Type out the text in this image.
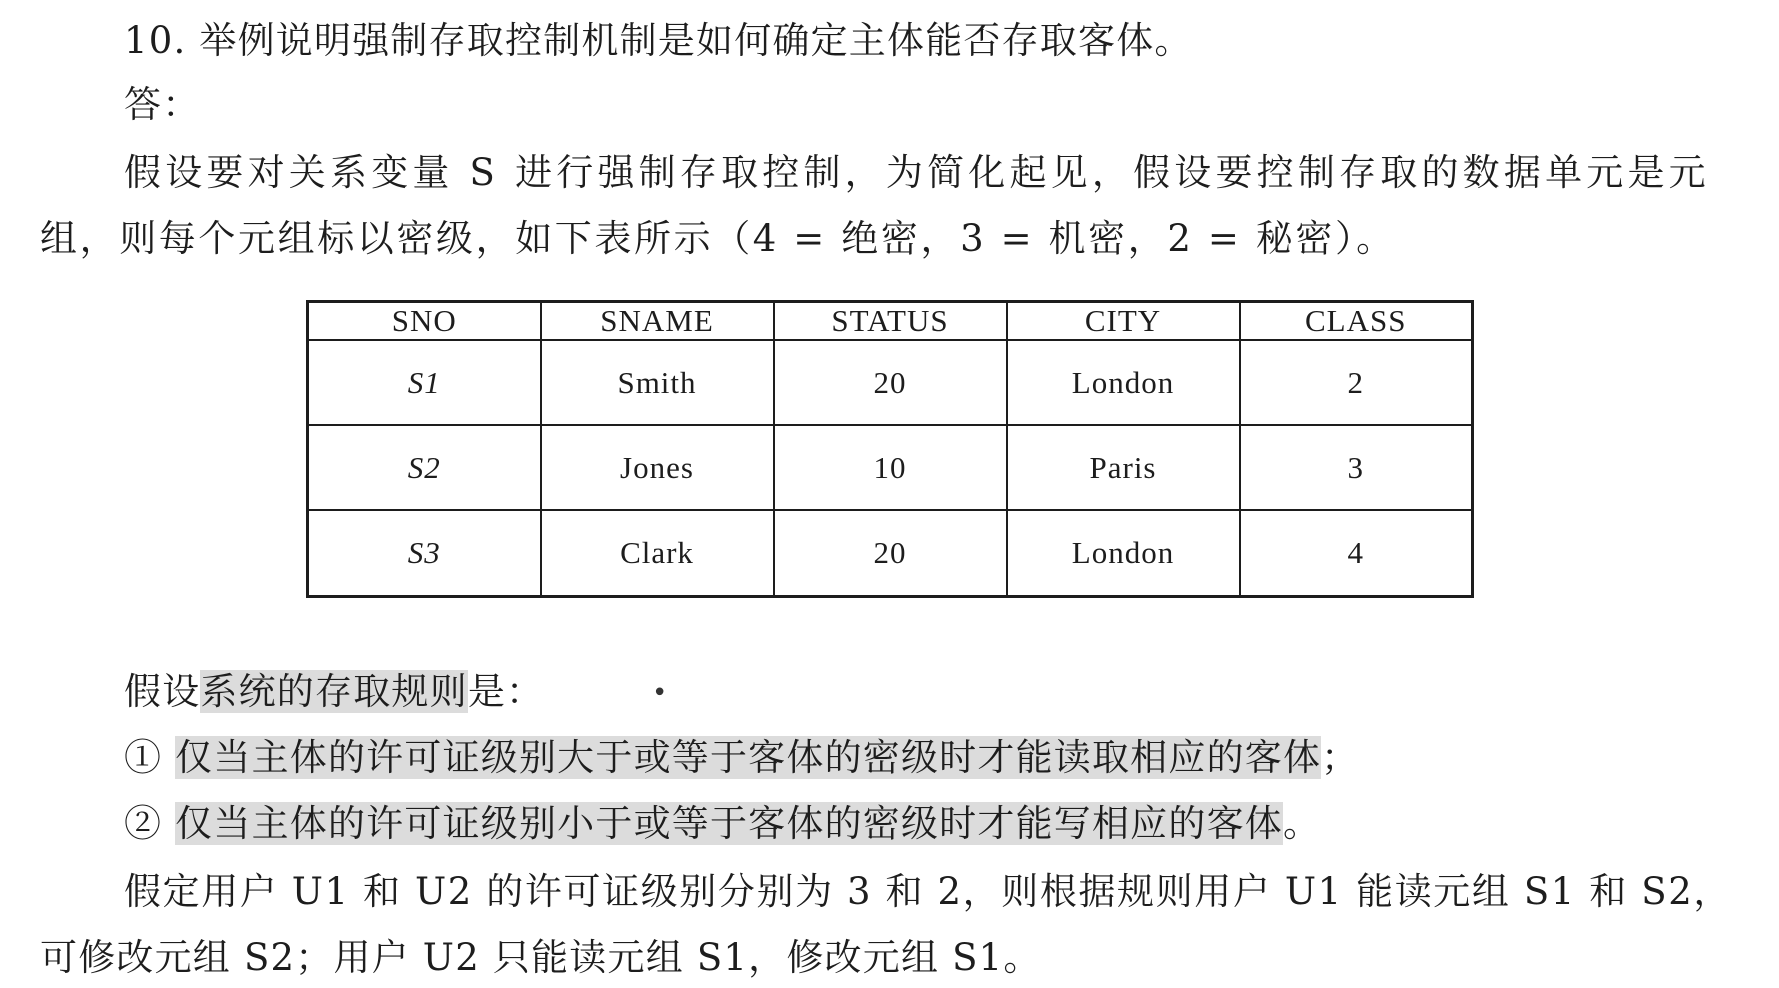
10. 举例说明强制存取控制机制是如何确定主体能否存取客体。
答：
假设要对关系变量 S 进行强制存取控制，为简化起见，假设要控制存取的数据单元是元
组，则每个元组标以密级，如下表所示（4 = 绝密，3 = 机密，2 = 秘密）。
SNO	SNAME	STATUS	CITY	CLASS
S1	Smith	20	London	2
S2	Jones	10	Paris	3
S3	Clark	20	London	4
假设系统的存取规则是：	•
① 仅当主体的许可证级别大于或等于客体的密级时才能读取相应的客体；
② 仅当主体的许可证级别小于或等于客体的密级时才能写相应的客体。
假定用户 U1 和 U2 的许可证级别分别为 3 和 2，则根据规则用户 U1 能读元组 S1 和 S2，
可修改元组 S2；用户 U2 只能读元组 S1，修改元组 S1。
